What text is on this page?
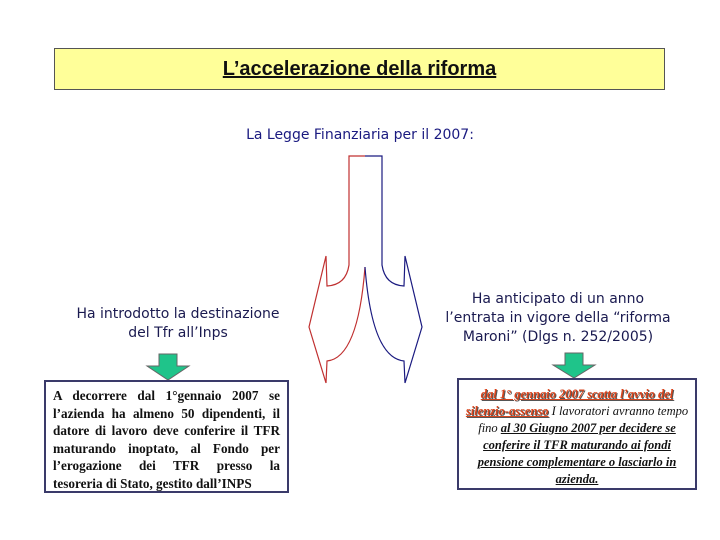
L’accelerazione della riforma
La Legge Finanziaria per il 2007:
Ha introdotto la destinazione
del Tfr all’Inps
Ha anticipato di un anno
l’entrata in vigore della “riforma
Maroni” (Dlgs n. 252/2005)
A decorrere dal 1°gennaio 2007 se
l’azienda ha almeno 50 dipendenti, il
datore di lavoro deve conferire il TFR
maturando inoptato, al Fondo per
l’erogazione dei TFR presso la
tesoreria di Stato, gestito dall’INPS
dal 1° gennaio 2007 scatta l’avvio del silenzio-assenso I lavoratori avranno tempo fino al 30 Giugno 2007 per decidere se conferire il TFR maturando ai fondi pensione complementare o lasciarlo in azienda.
